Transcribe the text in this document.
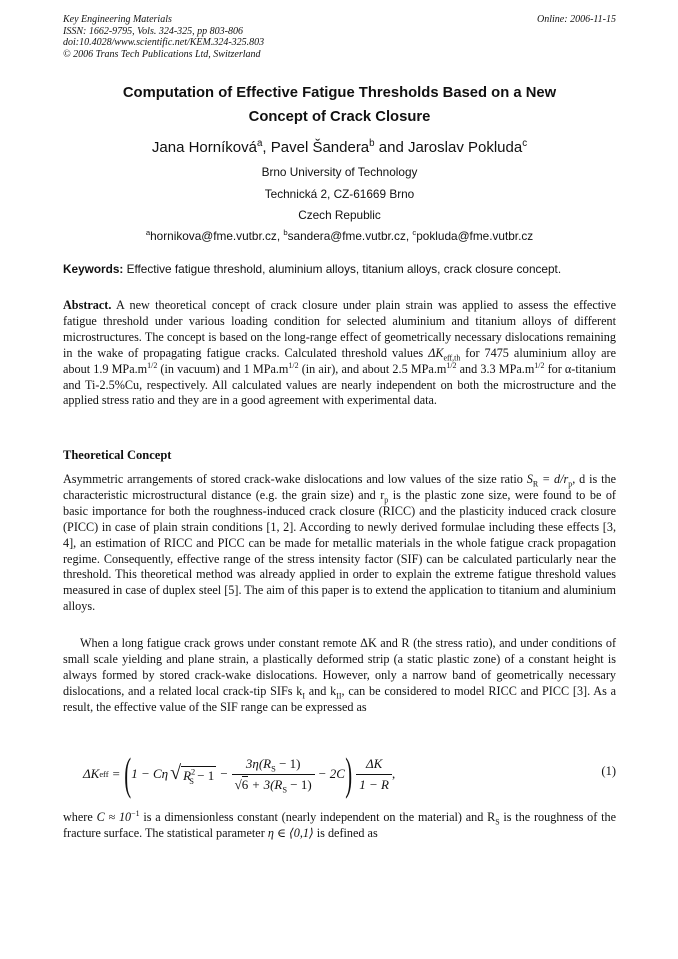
Key Engineering Materials
ISSN: 1662-9795, Vols. 324-325, pp 803-806
doi:10.4028/www.scientific.net/KEM.324-325.803
© 2006 Trans Tech Publications Ltd, Switzerland
Online: 2006-11-15
Computation of Effective Fatigue Thresholds Based on a New
Concept of Crack Closure
Jana Horníková$^a$, Pavel Šandera$^b$ and Jaroslav Pokluda$^c$
Brno University of Technology
Technická 2, CZ-61669 Brno
Czech Republic
$^a$hornikova@fme.vutbr.cz, $^b$sandera@fme.vutbr.cz, $^c$pokluda@fme.vutbr.cz
Keywords: Effective fatigue threshold, aluminium alloys, titanium alloys, crack closure concept.
Abstract. A new theoretical concept of crack closure under plain strain was applied to assess the effective fatigue threshold under various loading condition for selected aluminium and titanium alloys of different microstructures. The concept is based on the long-range effect of geometrically necessary dislocations remaining in the wake of propagating fatigue cracks. Calculated threshold values $\Delta K_{eff,th}$ for 7475 aluminium alloy are about 1.9 $MPa.m^{1/2}$ (in vacuum) and 1 $MPa.m^{1/2}$ (in air), and about 2.5 $MPa.m^{1/2}$ and 3.3 $MPa.m^{1/2}$ for α-titanium and Ti-2.5%Cu, respectively. All calculated values are nearly independent on both the microstructure and the applied stress ratio and they are in a good agreement with experimental data.
Theoretical Concept
Asymmetric arrangements of stored crack-wake dislocations and low values of the size ratio $S_R = d/r_p$, d is the characteristic microstructural distance (e.g. the grain size) and $r_p$ is the plastic zone size, were found to be of basic importance for both the roughness-induced crack closure (RICC) and the plasticity induced crack closure (PICC) in case of plain strain conditions [1, 2]. According to newly derived formulae including these effects [3, 4], an estimation of RICC and PICC can be made for metallic materials in the whole fatigue crack propagation regime. Consequently, effective range of the stress intensity factor (SIF) can be calculated particularly near the threshold. This theoretical method was already applied in order to explain the extreme fatigue threshold values measured in case of duplex steel [5]. The aim of this paper is to extend the application to titanium and aluminium alloys.
When a long fatigue crack grows under constant remote ΔK and R (the stress ratio), and under conditions of small scale yielding and plane strain, a plastically deformed strip (a static plastic zone) of a constant height is always formed by stored crack-wake dislocations. However, only a narrow band of geometrically necessary dislocations, and a related local crack-tip SIFs $k_I$ and $k_{II}$, can be considered to model RICC and PICC [3]. As a result, the effective value of the SIF range can be expressed as
ΔK eff = ( 1 − Cη √ $R^2_S - 1 - \frac{3\eta(R_S - 1)}{√6 + 3(R_S - 1)} - 2C$ ) $\frac{\Delta K}{1 - R}$ ,	(1)
where $C \approx 10^{-1}$ is a dimensionless constant (nearly independent on the material) and $R_S$ is the roughness of the fracture surface. The statistical parameter η ∈ ⟨0,1⟩ is defined as
